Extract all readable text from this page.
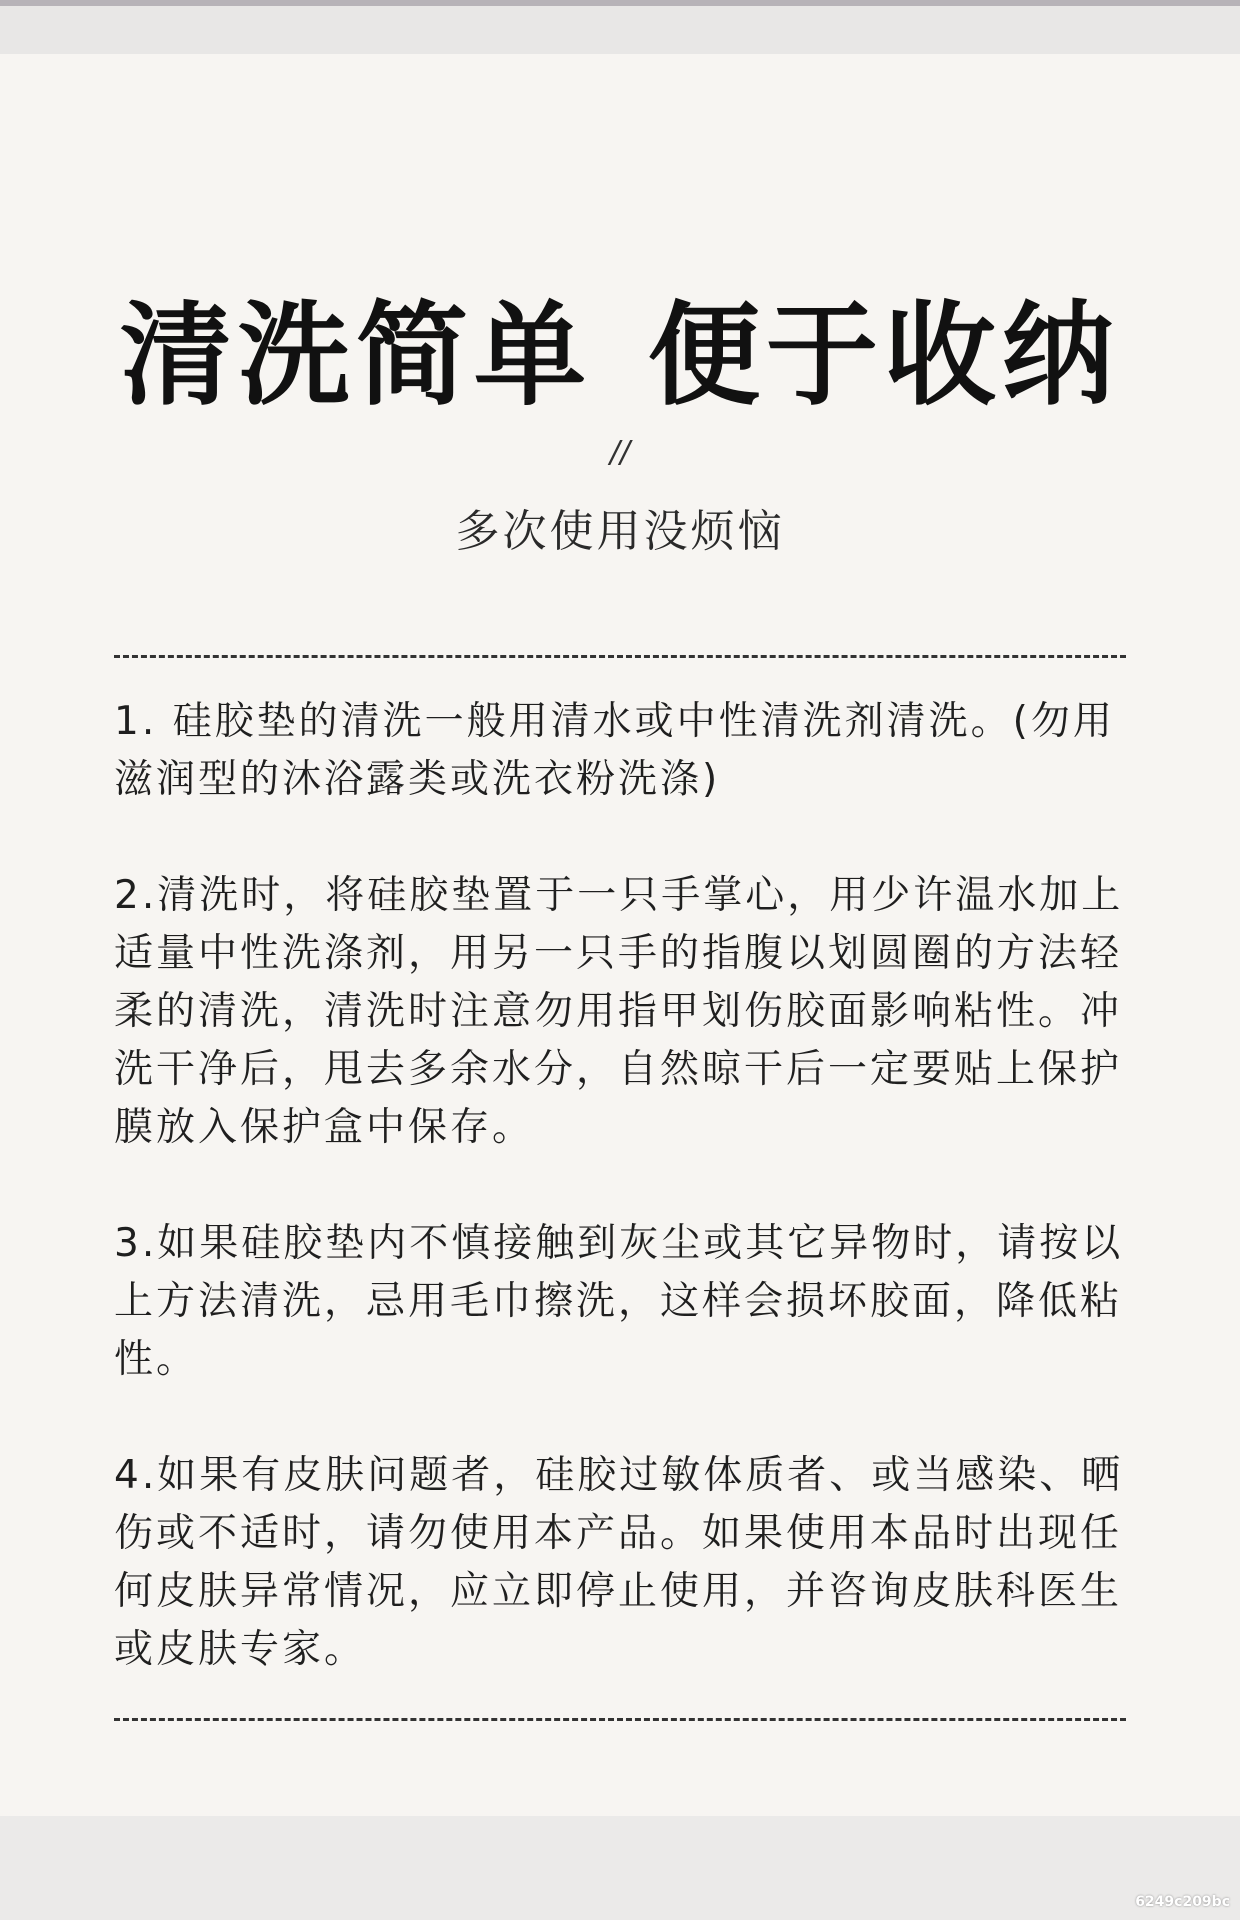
清洗简单 便于收纳
//
多次使用没烦恼

1. 硅胶垫的清洗一般用清水或中性清洗剂清洗。(勿用滋润型的沐浴露类或洗衣粉洗涤)

2.清洗时，将硅胶垫置于一只手掌心，用少许温水加上适量中性洗涤剂，用另一只手的指腹以划圆圈的方法轻柔的清洗，清洗时注意勿用指甲划伤胶面影响粘性。冲洗干净后，甩去多余水分，自然晾干后一定要贴上保护膜放入保护盒中保存。

3.如果硅胶垫内不慎接触到灰尘或其它异物时，请按以上方法清洗，忌用毛巾擦洗，这样会损坏胶面，降低粘性。

4.如果有皮肤问题者，硅胶过敏体质者、或当感染、晒伤或不适时，请勿使用本产品。如果使用本品时出现任何皮肤异常情况，应立即停止使用，并咨询皮肤科医生或皮肤专家。

6249c209bc
